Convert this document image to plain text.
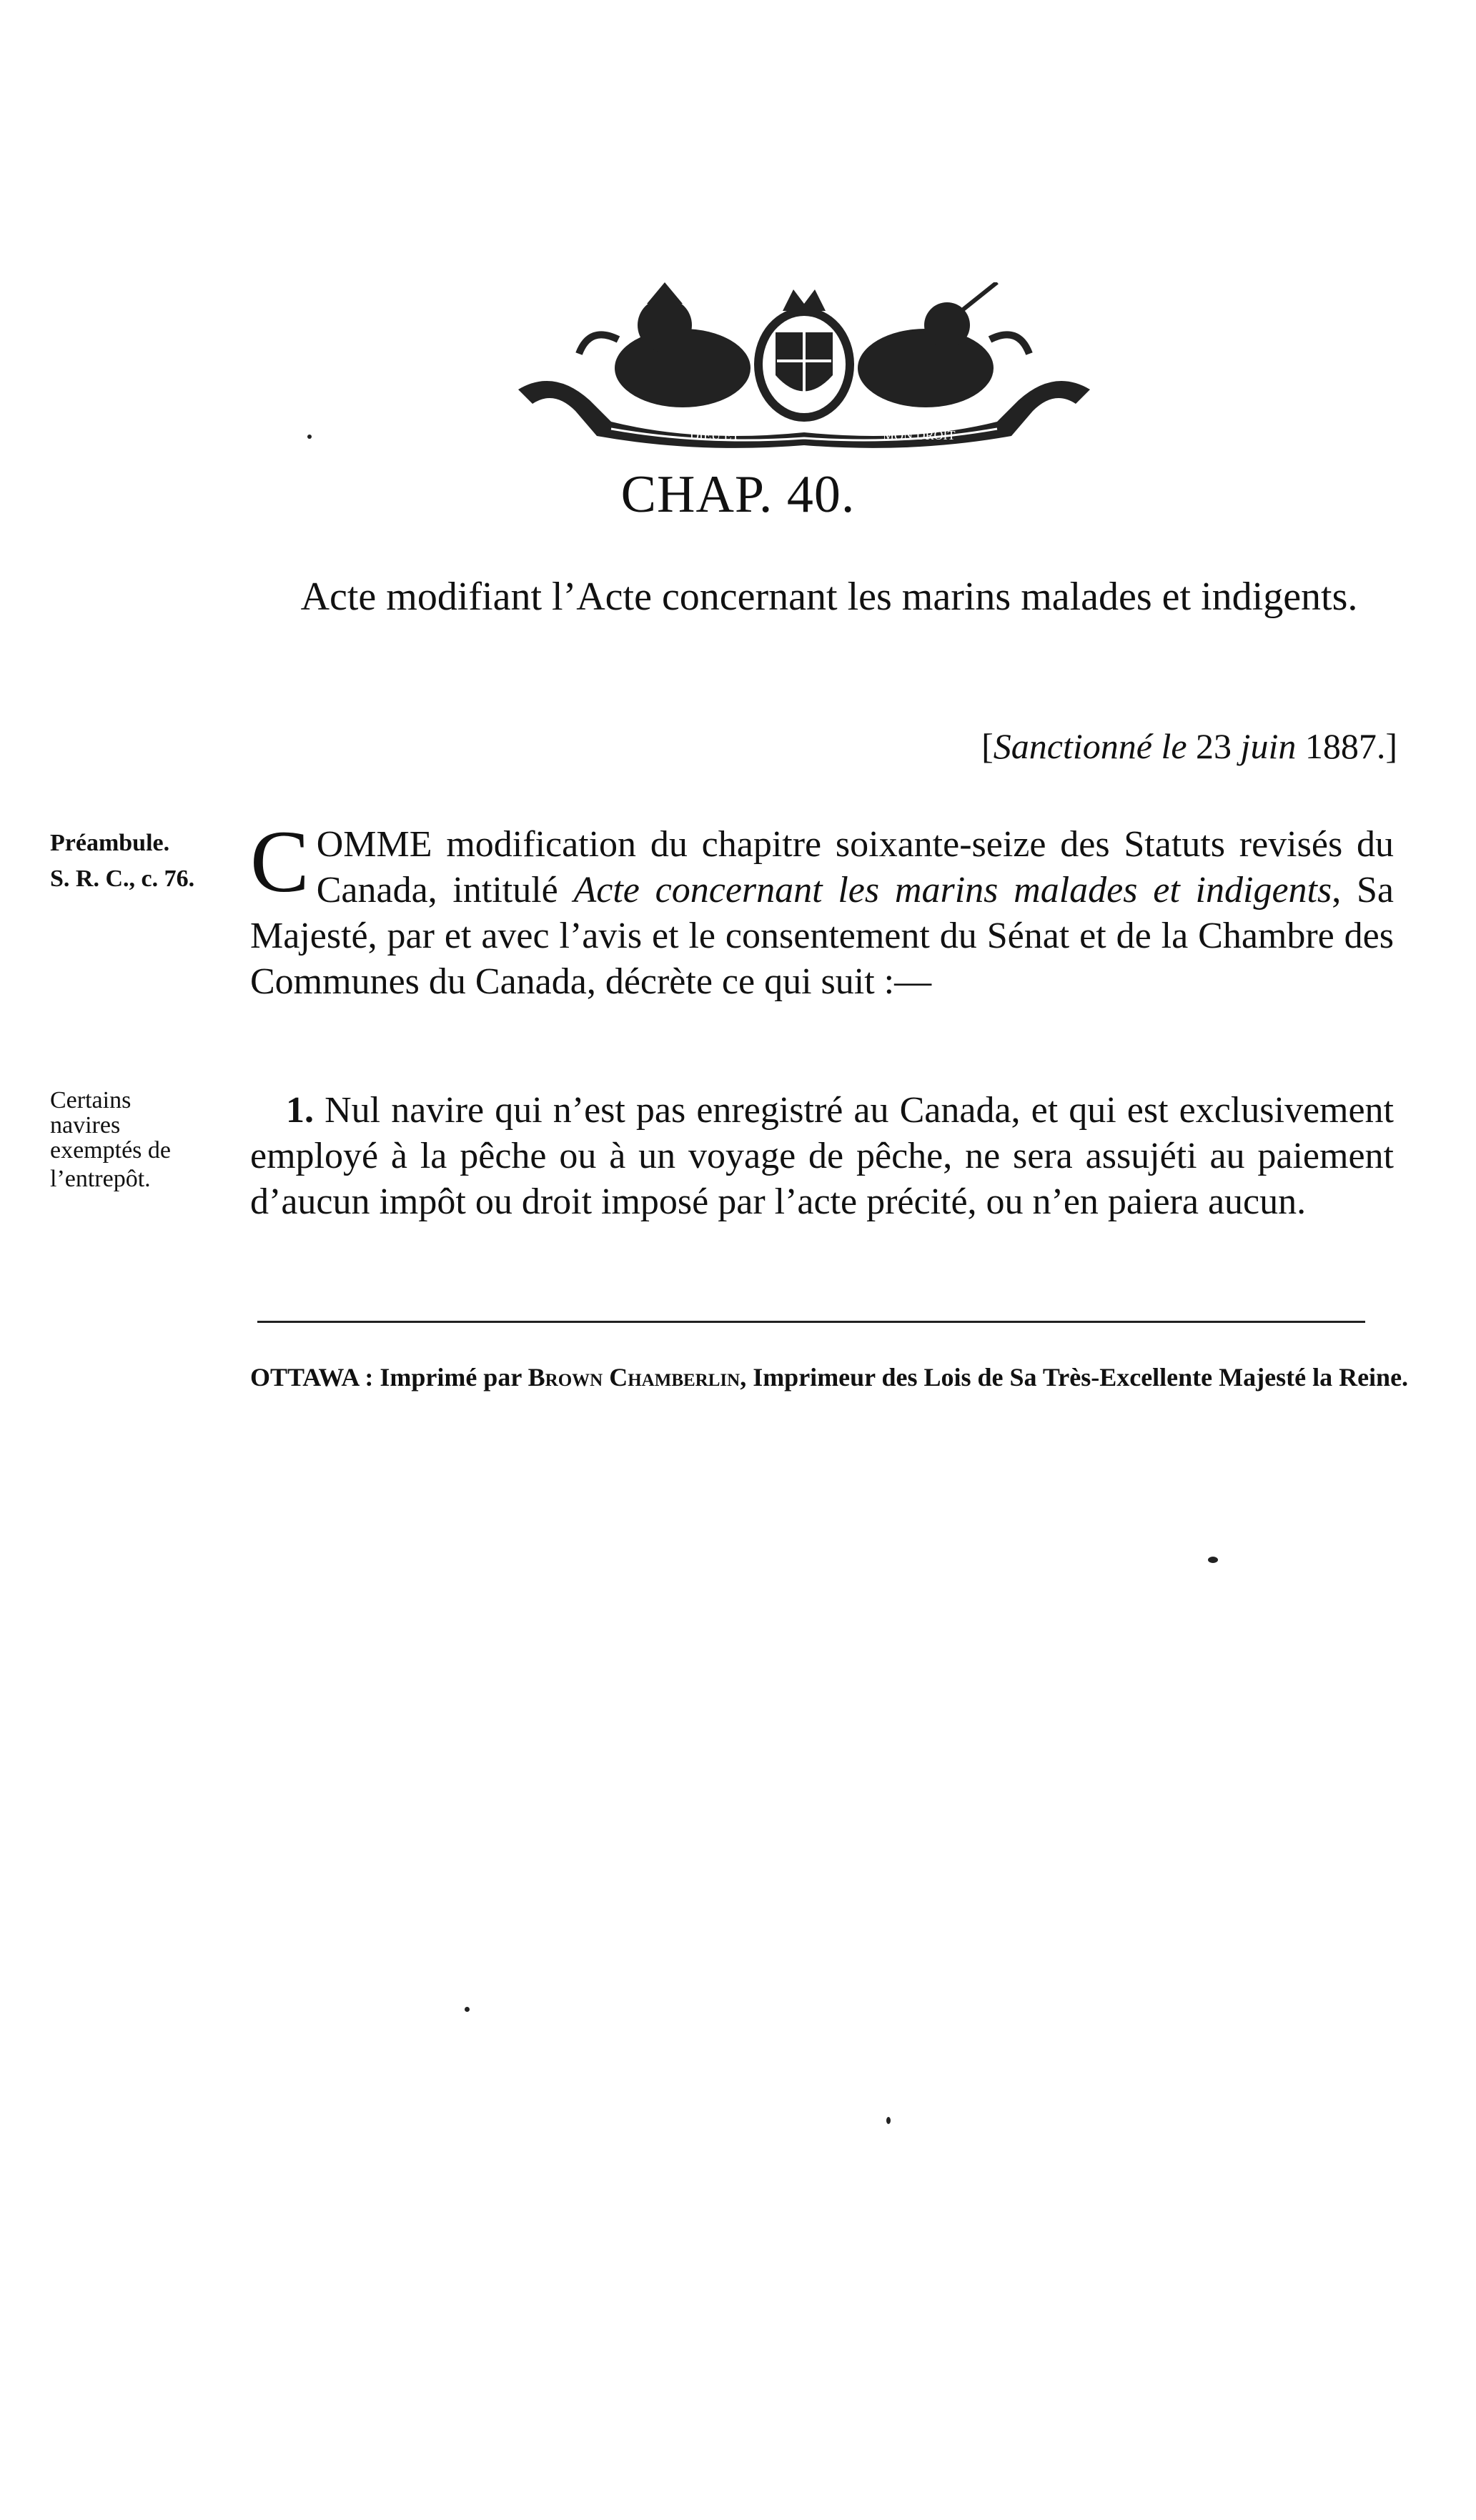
DIEU ET	MON DROIT
CHAP. 40.
Acte modifiant l’Acte concernant les marins malades et indigents.
[Sanctionné le 23 juin 1887.]
Préambule.
S. R. C., c. 76.
Certains
navires
exemptés de
l’entrepôt.
COMME modification du chapitre soixante-seize des Statuts revisés du Canada, intitulé Acte concernant les marins malades et indigents, Sa Majesté, par et avec l’avis et le consentement du Sénat et de la Chambre des Communes du Canada, décrète ce qui suit :—
1. Nul navire qui n’est pas enregistré au Canada, et qui est exclusivement employé à la pêche ou à un voyage de pêche, ne sera assujéti au paiement d’aucun impôt ou droit imposé par l’acte précité, ou n’en paiera aucun.
OTTAWA : Imprimé par Brown Chamberlin, Imprimeur des Lois de Sa Très-Excellente Majesté la Reine.
